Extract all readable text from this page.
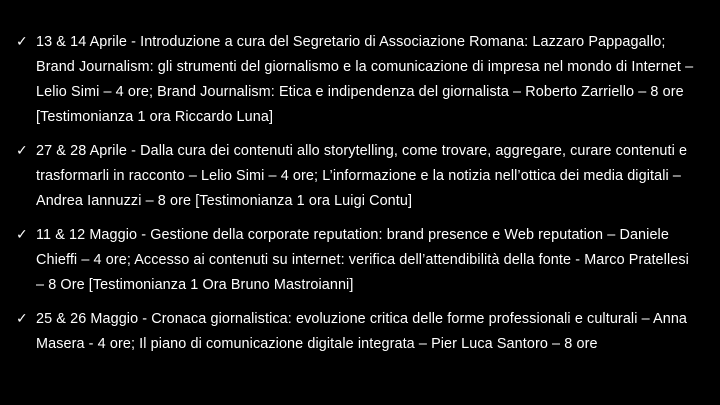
✓ 13 & 14 Aprile - Introduzione a cura del Segretario di Associazione Romana: Lazzaro Pappagallo; Brand Journalism: gli strumenti del giornalismo e la comunicazione di impresa nel mondo di Internet – Lelio Simi – 4 ore; Brand Journalism: Etica e indipendenza del giornalista – Roberto Zarriello – 8 ore [Testimonianza 1 ora Riccardo Luna]
✓ 27 & 28 Aprile - Dalla cura dei contenuti allo storytelling, come trovare, aggregare, curare contenuti e trasformarli in racconto – Lelio Simi – 4 ore; L’informazione e la notizia nell’ottica dei media digitali – Andrea Iannuzzi – 8 ore [Testimonianza 1 ora Luigi Contu]
✓ 11 & 12 Maggio - Gestione della corporate reputation: brand presence e Web reputation – Daniele Chieffi – 4 ore; Accesso ai contenuti su internet: verifica dell’attendibilità della fonte - Marco Pratellesi – 8 Ore [Testimonianza 1 Ora Bruno Mastroianni]
✓ 25 & 26 Maggio - Cronaca giornalistica: evoluzione critica delle forme professionali e culturali – Anna Masera - 4 ore; Il piano di comunicazione digitale integrata – Pier Luca Santoro – 8 ore
